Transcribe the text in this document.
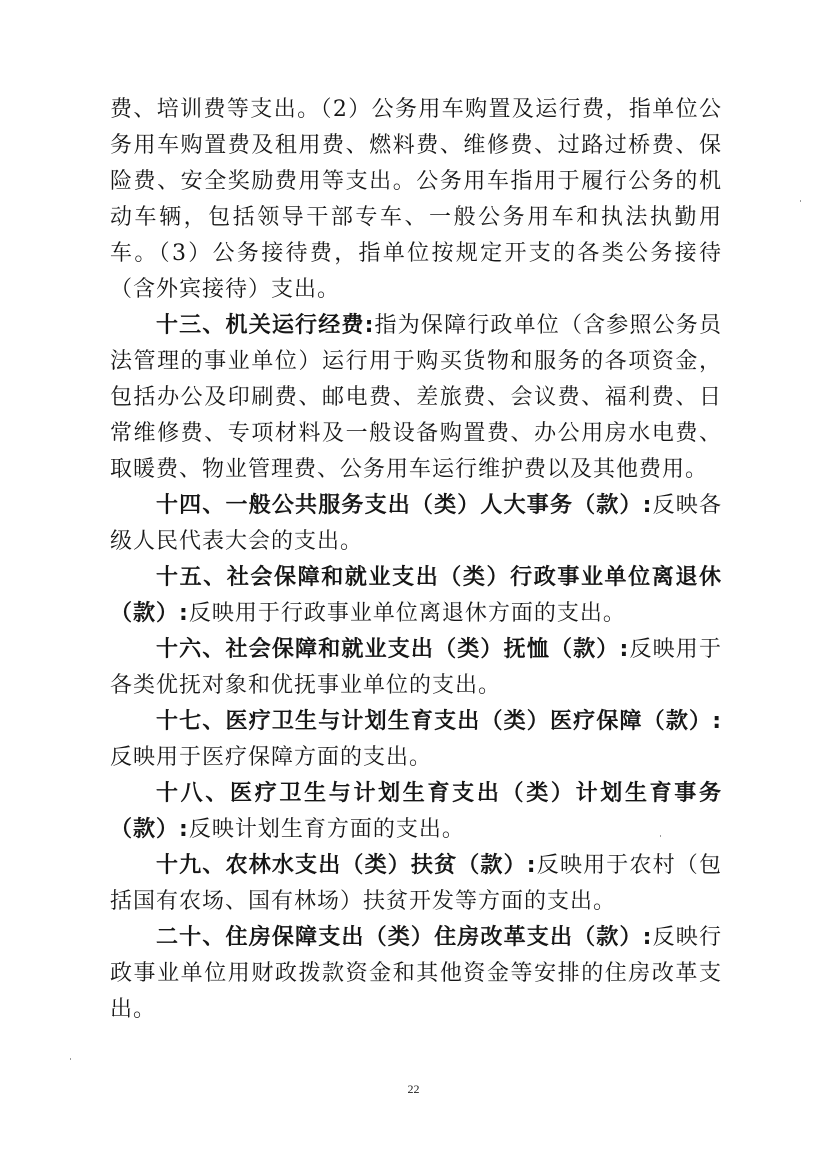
费、培训费等支出。（2）公务用车购置及运行费，指单位公务用车购置费及租用费、燃料费、维修费、过路过桥费、保险费、安全奖励费用等支出。公务用车指用于履行公务的机动车辆，包括领导干部专车、一般公务用车和执法执勤用车。（3）公务接待费，指单位按规定开支的各类公务接待（含外宾接待）支出。

十三、机关运行经费:指为保障行政单位（含参照公务员法管理的事业单位）运行用于购买货物和服务的各项资金，包括办公及印刷费、邮电费、差旅费、会议费、福利费、日常维修费、专项材料及一般设备购置费、办公用房水电费、取暖费、物业管理费、公务用车运行维护费以及其他费用。

十四、一般公共服务支出（类）人大事务（款）:反映各级人民代表大会的支出。

十五、社会保障和就业支出（类）行政事业单位离退休（款）:反映用于行政事业单位离退休方面的支出。

十六、社会保障和就业支出（类）抚恤（款）:反映用于各类优抚对象和优抚事业单位的支出。

十七、医疗卫生与计划生育支出（类）医疗保障（款）:反映用于医疗保障方面的支出。

十八、医疗卫生与计划生育支出（类）计划生育事务（款）:反映计划生育方面的支出。

十九、农林水支出（类）扶贫（款）:反映用于农村（包括国有农场、国有林场）扶贫开发等方面的支出。

二十、住房保障支出（类）住房改革支出（款）:反映行政事业单位用财政拨款资金和其他资金等安排的住房改革支出。

22
